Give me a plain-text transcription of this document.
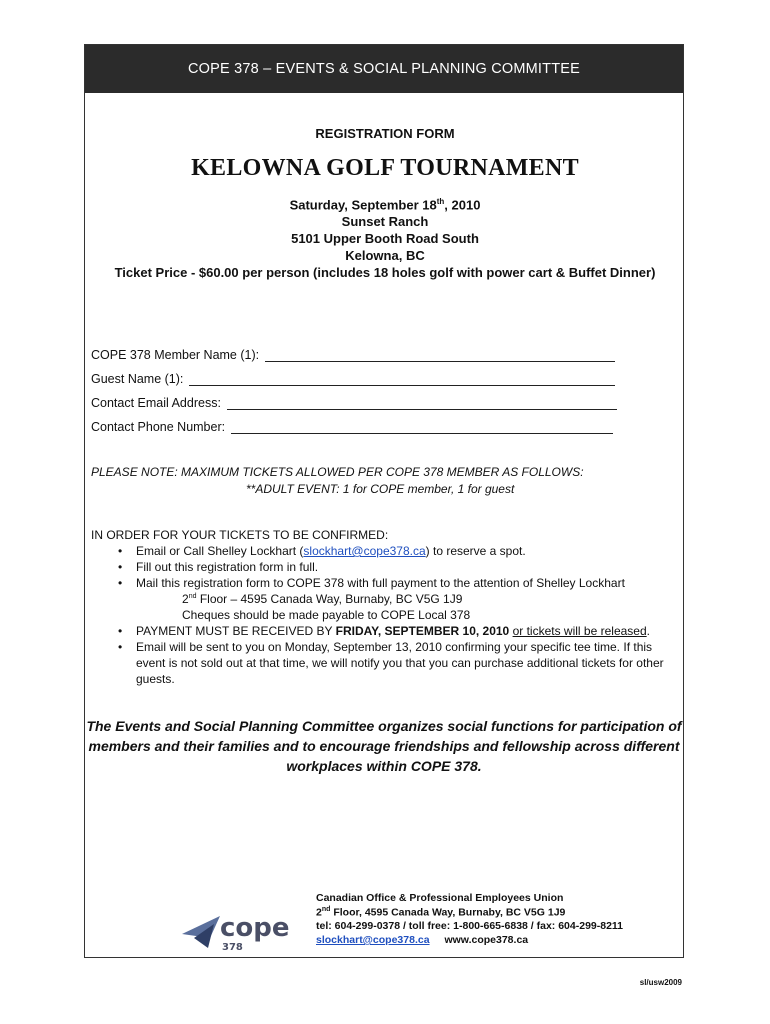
COPE 378 – EVENTS & SOCIAL PLANNING COMMITTEE
REGISTRATION FORM
KELOWNA GOLF TOURNAMENT
Saturday, September 18th, 2010
Sunset Ranch
5101 Upper Booth Road South
Kelowna, BC
Ticket Price - $60.00 per person (includes 18 holes golf with power cart & Buffet Dinner)
COPE 378 Member Name (1):
Guest Name (1):
Contact Email Address:
Contact Phone Number:
PLEASE NOTE: MAXIMUM TICKETS ALLOWED PER COPE 378 MEMBER AS FOLLOWS:
**ADULT EVENT: 1 for COPE member, 1 for guest
IN ORDER FOR YOUR TICKETS TO BE CONFIRMED:
• Email or Call Shelley Lockhart (slockhart@cope378.ca) to reserve a spot.
• Fill out this registration form in full.
• Mail this registration form to COPE 378 with full payment to the attention of Shelley Lockhart
2nd Floor – 4595 Canada Way, Burnaby, BC V5G 1J9
Cheques should be made payable to COPE Local 378
• PAYMENT MUST BE RECEIVED BY FRIDAY, SEPTEMBER 10, 2010 or tickets will be released.
• Email will be sent to you on Monday, September 13, 2010 confirming your specific tee time. If this
event is not sold out at that time, we will notify you that you can purchase additional tickets for other
guests.
The Events and Social Planning Committee organizes social functions for participation of members and their families and to encourage friendships and fellowship across different workplaces within COPE 378.
cope
378
Canadian Office & Professional Employees Union
2nd Floor, 4595 Canada Way, Burnaby, BC V5G 1J9
tel: 604-299-0378 / toll free: 1-800-665-6838 / fax: 604-299-8211
slockhart@cope378.ca www.cope378.ca
sl/usw2009
